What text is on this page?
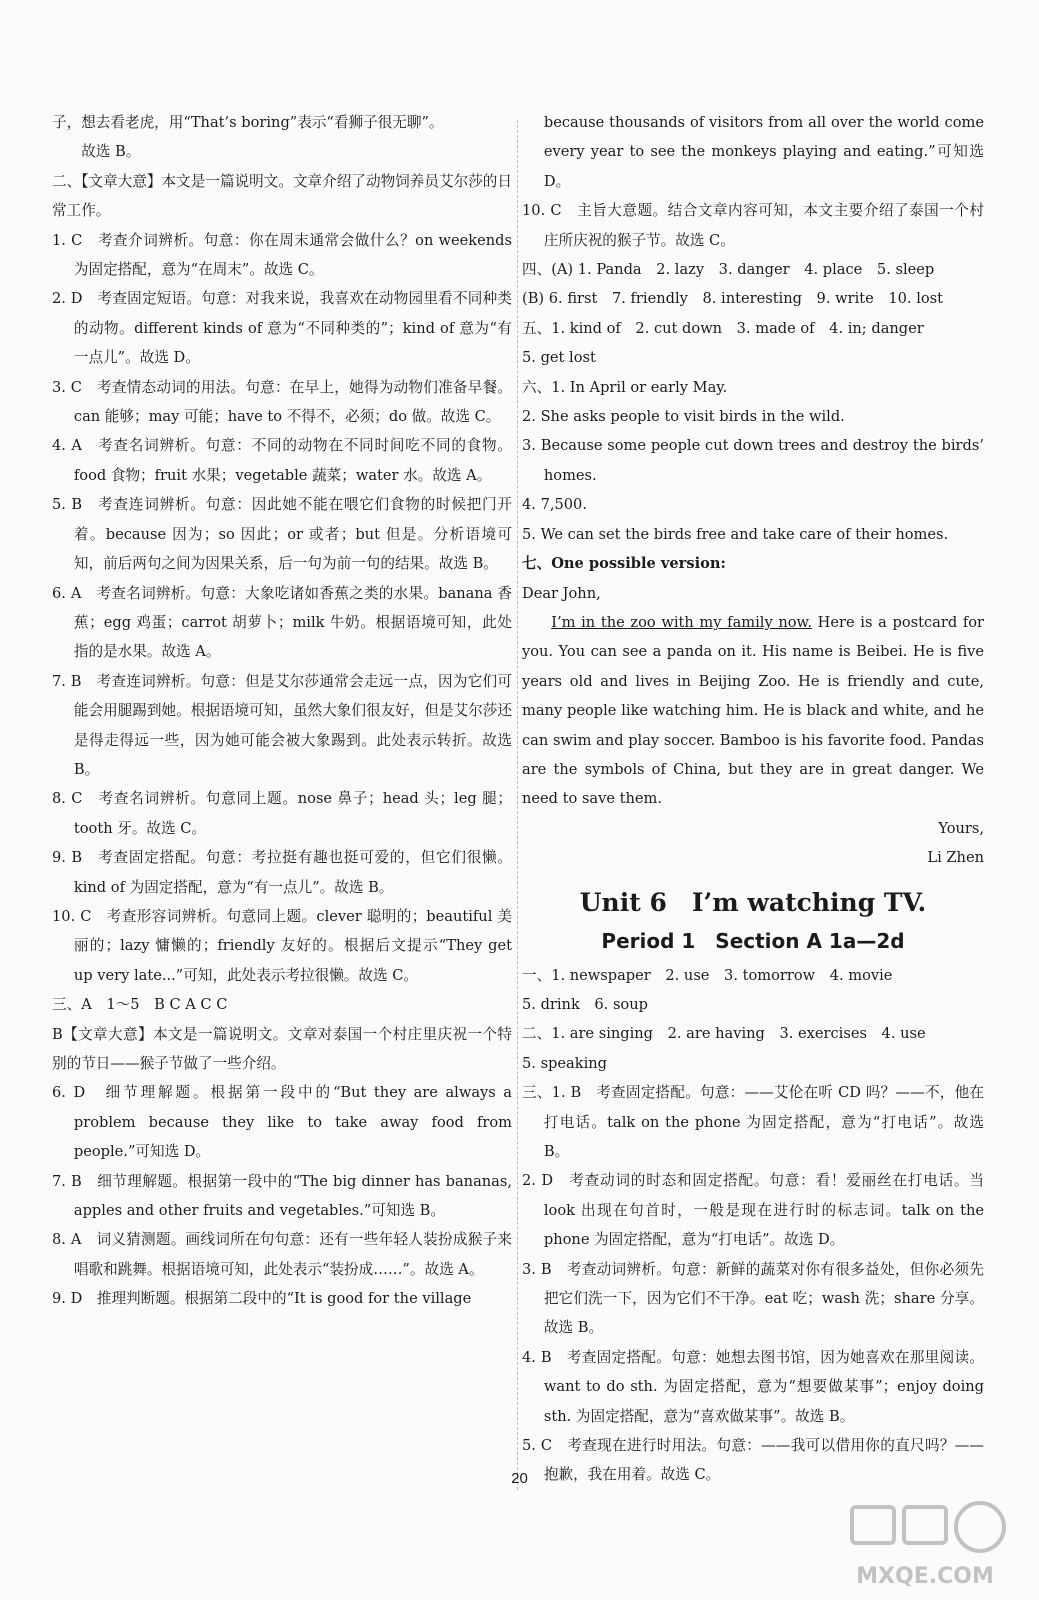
子，想去看老虎，用“That’s boring”表示“看狮子很无聊”。

故选 B。

二、【文章大意】本文是一篇说明文。文章介绍了动物饲养员艾尔莎的日常工作。

1. C　考查介词辨析。句意：你在周末通常会做什么？on weekends 为固定搭配，意为“在周末”。故选 C。

2. D　考查固定短语。句意：对我来说，我喜欢在动物园里看不同种类的动物。different kinds of 意为“不同种类的”；kind of 意为“有一点儿”。故选 D。

3. C　考查情态动词的用法。句意：在早上，她得为动物们准备早餐。can 能够；may 可能；have to 不得不，必须；do 做。故选 C。

4. A　考查名词辨析。句意：不同的动物在不同时间吃不同的食物。food 食物；fruit 水果；vegetable 蔬菜；water 水。故选 A。

5. B　考查连词辨析。句意：因此她不能在喂它们食物的时候把门开着。because 因为；so 因此；or 或者；but 但是。分析语境可知，前后两句之间为因果关系，后一句为前一句的结果。故选 B。

6. A　考查名词辨析。句意：大象吃诸如香蕉之类的水果。banana 香蕉；egg 鸡蛋；carrot 胡萝卜；milk 牛奶。根据语境可知，此处指的是水果。故选 A。

7. B　考查连词辨析。句意：但是艾尔莎通常会走远一点，因为它们可能会用腿踢到她。根据语境可知，虽然大象们很友好，但是艾尔莎还是得走得远一些，因为她可能会被大象踢到。此处表示转折。故选 B。

8. C　考查名词辨析。句意同上题。nose 鼻子；head 头；leg 腿；tooth 牙。故选 C。

9. B　考查固定搭配。句意：考拉挺有趣也挺可爱的，但它们很懒。kind of 为固定搭配，意为“有一点儿”。故选 B。

10. C　考查形容词辨析。句意同上题。clever 聪明的；beautiful 美丽的；lazy 慵懒的；friendly 友好的。根据后文提示“They get up very late...”可知，此处表示考拉很懒。故选 C。

三、A　1～5　B C A C C

B【文章大意】本文是一篇说明文。文章对泰国一个村庄里庆祝一个特别的节日——猴子节做了一些介绍。

6. D　细节理解题。根据第一段中的“But they are always a problem because they like to take away food from people.”可知选 D。

7. B　细节理解题。根据第一段中的“The big dinner has bananas, apples and other fruits and vegetables.”可知选 B。

8. A　词义猜测题。画线词所在句句意：还有一些年轻人装扮成猴子来唱歌和跳舞。根据语境可知，此处表示“装扮成……”。故选 A。

9. D　推理判断题。根据第二段中的“It is good for the village

because thousands of visitors from all over the world come every year to see the monkeys playing and eating.”可知选 D。

10. C　主旨大意题。结合文章内容可知，本文主要介绍了泰国一个村庄所庆祝的猴子节。故选 C。

四、(A) 1. Panda　2. lazy　3. danger　4. place　5. sleep

(B) 6. first　7. friendly　8. interesting　9. write　10. lost

五、1. kind of　2. cut down　3. made of　4. in; danger

5. get lost

六、1. In April or early May.

2. She asks people to visit birds in the wild.

3. Because some people cut down trees and destroy the birds’ homes.

4. 7,500.

5. We can set the birds free and take care of their homes.

七、One possible version:

Dear John,

I’m in the zoo with my family now. Here is a postcard for you. You can see a panda on it. His name is Beibei. He is five years old and lives in Beijing Zoo. He is friendly and cute, many people like watching him. He is black and white, and he can swim and play soccer. Bamboo is his favorite food. Pandas are the symbols of China, but they are in great danger. We need to save them.

Yours,

Li Zhen

Unit 6　I’m watching TV.
Period 1　Section A 1a—2d

一、1. newspaper　2. use　3. tomorrow　4. movie

5. drink　6. soup

二、1. are singing　2. are having　3. exercises　4. use

5. speaking

三、1. B　考查固定搭配。句意：——艾伦在听 CD 吗？——不，他在打电话。talk on the phone 为固定搭配，意为“打电话”。故选 B。

2. D　考查动词的时态和固定搭配。句意：看！爱丽丝在打电话。当 look 出现在句首时，一般是现在进行时的标志词。talk on the phone 为固定搭配，意为“打电话”。故选 D。

3. B　考查动词辨析。句意：新鲜的蔬菜对你有很多益处，但你必须先把它们洗一下，因为它们不干净。eat 吃；wash 洗；share 分享。故选 B。

4. B　考查固定搭配。句意：她想去图书馆，因为她喜欢在那里阅读。want to do sth. 为固定搭配，意为“想要做某事”；enjoy doing sth. 为固定搭配，意为“喜欢做某事”。故选 B。

5. C　考查现在进行时用法。句意：——我可以借用你的直尺吗？——抱歉，我在用着。故选 C。

20
MXQE.COM
